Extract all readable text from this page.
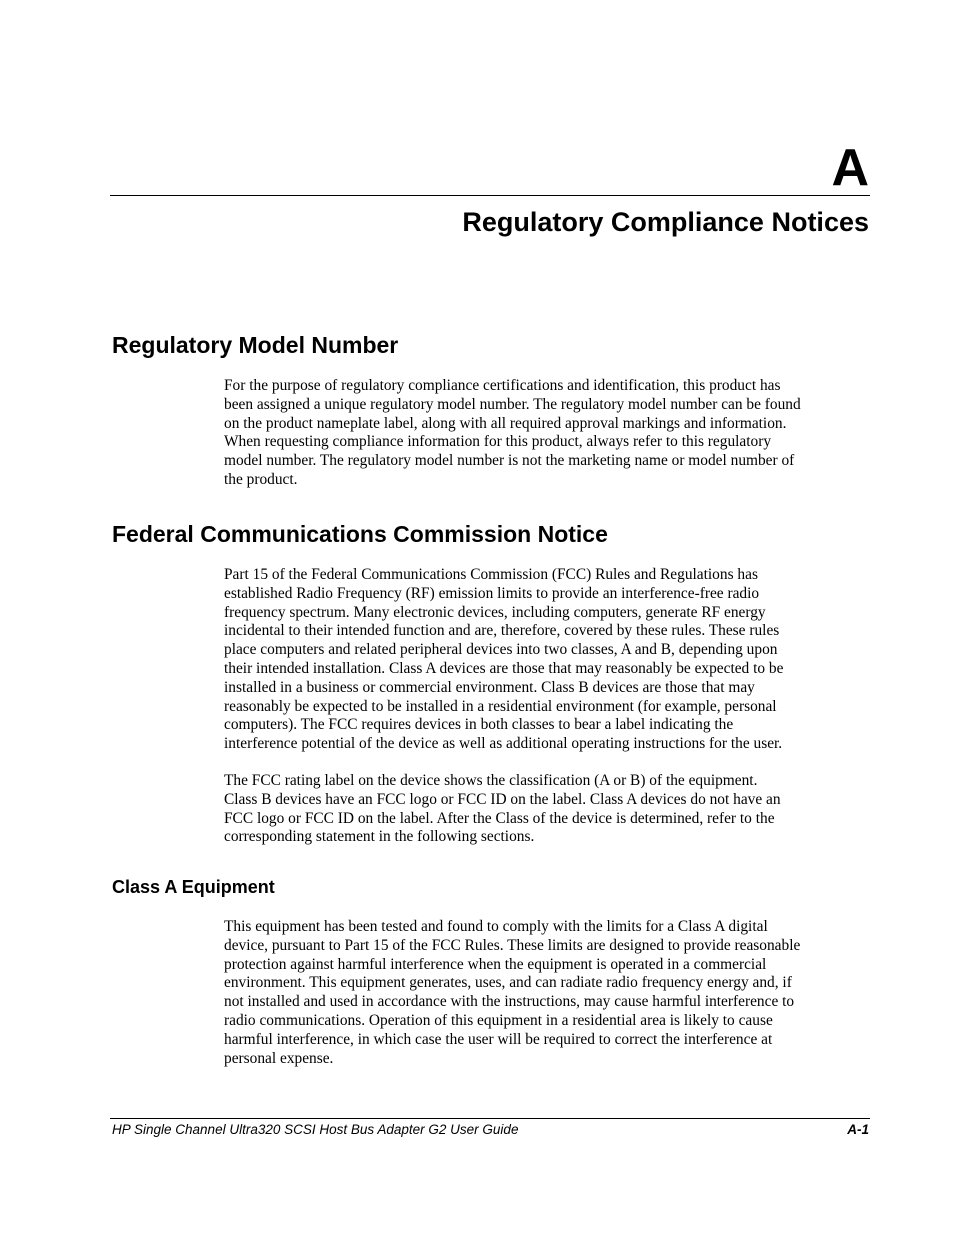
A
Regulatory Compliance Notices
Regulatory Model Number

For the purpose of regulatory compliance certifications and identification, this product has
been assigned a unique regulatory model number. The regulatory model number can be found
on the product nameplate label, along with all required approval markings and information.
When requesting compliance information for this product, always refer to this regulatory
model number. The regulatory model number is not the marketing name or model number of
the product.

Federal Communications Commission Notice

Part 15 of the Federal Communications Commission (FCC) Rules and Regulations has
established Radio Frequency (RF) emission limits to provide an interference-free radio
frequency spectrum. Many electronic devices, including computers, generate RF energy
incidental to their intended function and are, therefore, covered by these rules. These rules
place computers and related peripheral devices into two classes, A and B, depending upon
their intended installation. Class A devices are those that may reasonably be expected to be
installed in a business or commercial environment. Class B devices are those that may
reasonably be expected to be installed in a residential environment (for example, personal
computers). The FCC requires devices in both classes to bear a label indicating the
interference potential of the device as well as additional operating instructions for the user.

The FCC rating label on the device shows the classification (A or B) of the equipment.
Class B devices have an FCC logo or FCC ID on the label. Class A devices do not have an
FCC logo or FCC ID on the label. After the Class of the device is determined, refer to the
corresponding statement in the following sections.

Class A Equipment

This equipment has been tested and found to comply with the limits for a Class A digital
device, pursuant to Part 15 of the FCC Rules. These limits are designed to provide reasonable
protection against harmful interference when the equipment is operated in a commercial
environment. This equipment generates, uses, and can radiate radio frequency energy and, if
not installed and used in accordance with the instructions, may cause harmful interference to
radio communications. Operation of this equipment in a residential area is likely to cause
harmful interference, in which case the user will be required to correct the interference at
personal expense.

HP Single Channel Ultra320 SCSI Host Bus Adapter G2 User Guide	A-1
